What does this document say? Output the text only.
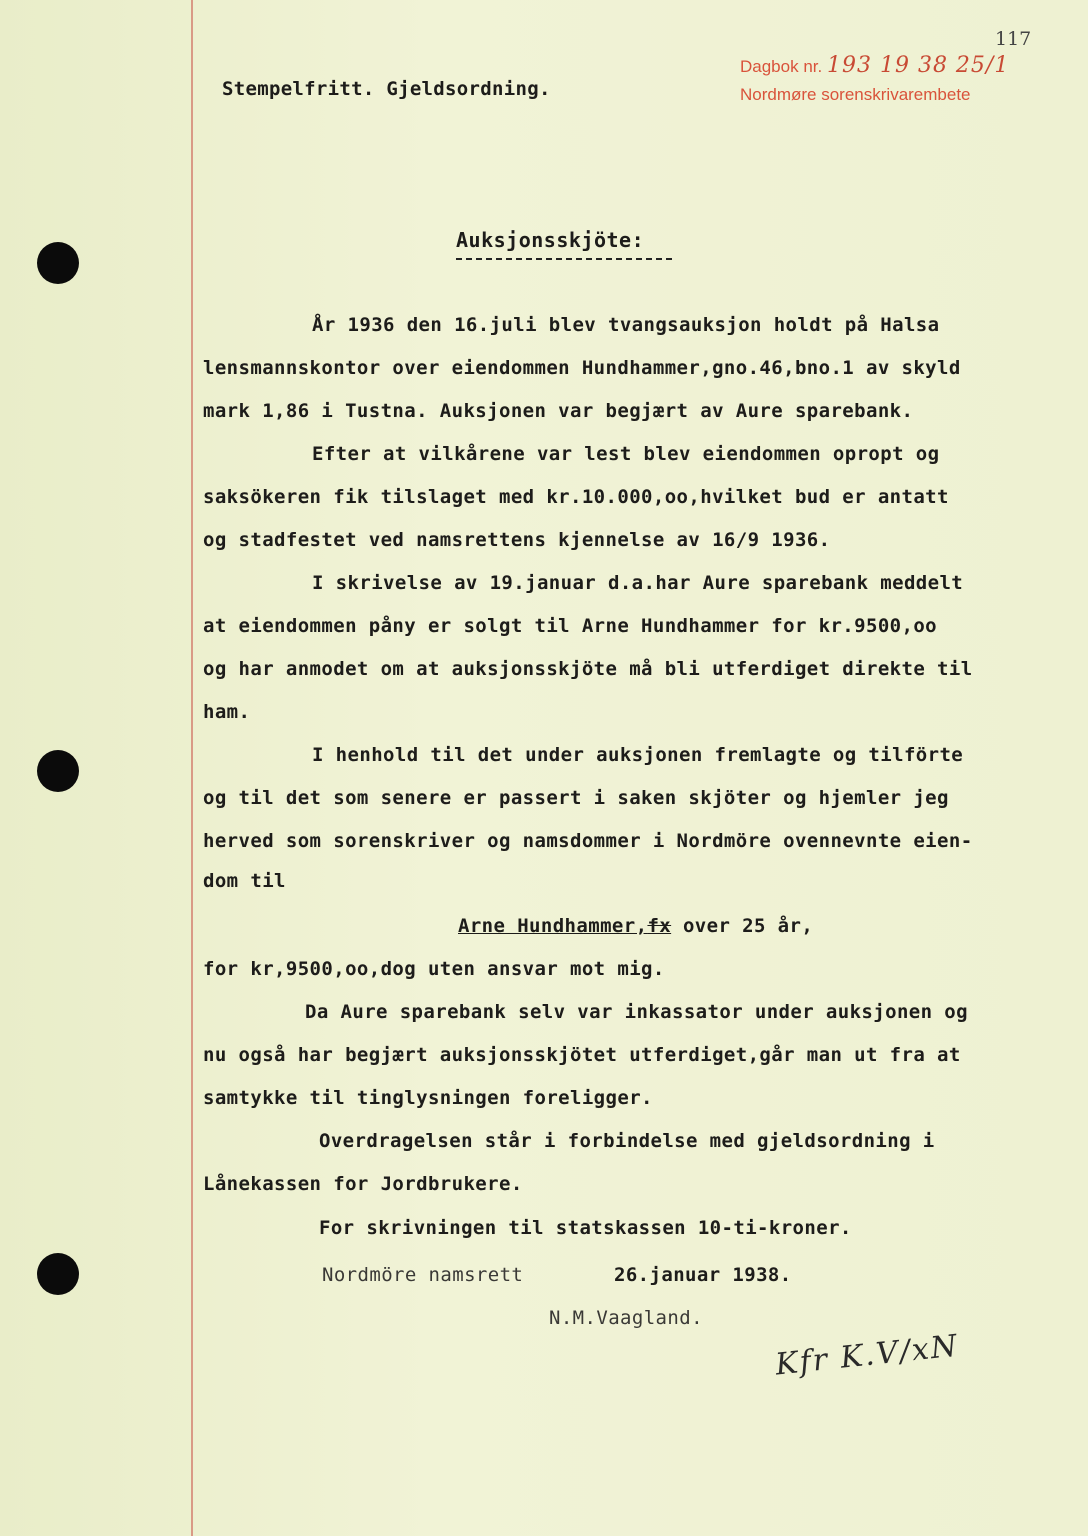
117
Dagbok nr. 193 19 38 25/1
Nordmøre sorenskrivarembete
Stempelfritt. Gjeldsordning.
Auksjonsskjöte:
År 1936 den 16.juli blev tvangsauksjon holdt på Halsa
lensmannskontor over eiendommen Hundhammer,gno.46,bno.1 av skyld
mark 1,86 i Tustna. Auksjonen var begjært av Aure sparebank.
Efter at vilkårene var lest blev eiendommen opropt og
saksökeren fik tilslaget med kr.10.000,oo,hvilket bud er antatt
og stadfestet ved namsrettens kjennelse av 16/9 1936.
I skrivelse av 19.januar d.a.har Aure sparebank meddelt
at eiendommen påny er solgt til Arne Hundhammer for kr.9500,oo
og har anmodet om at auksjonsskjöte må bli utferdiget direkte til
ham.
I henhold til det under auksjonen fremlagte og tilförte
og til det som senere er passert i saken skjöter og hjemler jeg
herved som sorenskriver og namsdommer i Nordmöre ovennevnte eien-
dom til
Arne Hundhammer,fx over 25 år,
for kr,9500,oo,dog uten ansvar mot mig.
Da Aure sparebank selv var inkassator under auksjonen og
nu også har begjært auksjonsskjötet utferdiget,går man ut fra at
samtykke til tinglysningen foreligger.
Overdragelsen står i forbindelse med gjeldsordning i
Lånekassen for Jordbrukere.
For skrivningen til statskassen 10-ti-kroner.
Nordmöre namsrett	26.januar 1938.
N.M.Vaagland.
Kfr K.V/xN
